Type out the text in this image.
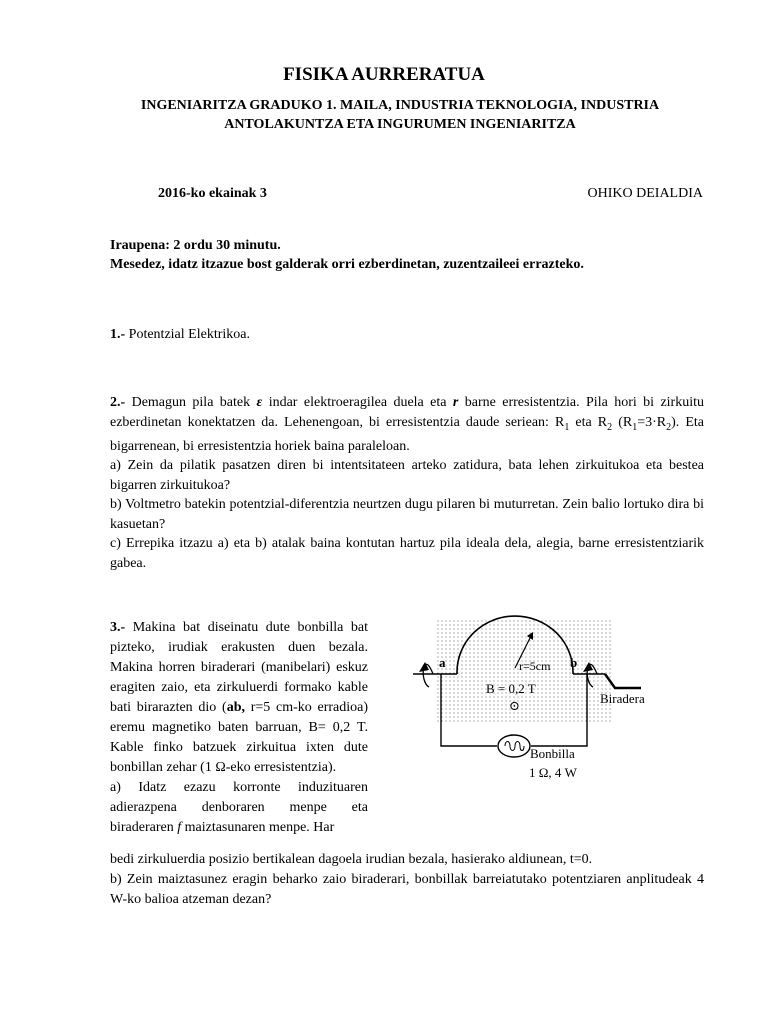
FISIKA AURRERATUA
INGENIARITZA GRADUKO 1. MAILA, INDUSTRIA TEKNOLOGIA, INDUSTRIA
ANTOLAKUNTZA ETA INGURUMEN INGENIARITZA
2016-ko ekainak 3	OHIKO DEIALDIA
Iraupena: 2 ordu 30 minutu.
Mesedez, idatz itzazue bost galderak orri ezberdinetan, zuzentzaileei errazteko.
1.- Potentzial Elektrikoa.

2.- Demagun pila batek ε indar elektroeragilea duela eta r barne erresistentzia. Pila hori bi zirkuitu ezberdinetan konektatzen da. Lehenengoan, bi erresistentzia daude seriean: $R_1$ eta $R_2$ $(R_1=3\cdot R_2)$. Eta bigarrenean, bi erresistentzia horiek baina paraleloan.

a) Zein da pilatik pasatzen diren bi intentsitateen arteko zatidura, bata lehen zirkuitukoa eta bestea bigarren zirkuitukoa?

b) Voltmetro batekin potentzial-diferentzia neurtzen dugu pilaren bi muturretan. Zein balio lortuko dira bi kasuetan?

c) Errepika itzazu a) eta b) atalak baina kontutan hartuz pila ideala dela, alegia, barne erresistentziarik gabea.

3.- Makina bat diseinatu dute bonbilla bat pizteko, irudiak erakusten duen bezala. Makina horren biraderari (manibelari) eskuz eragiten zaio, eta zirkuluerdi formako kable bati birarazten dio (ab, r=5 cm-ko erradioa) eremu magnetiko baten barruan, B= 0,2 T. Kable finko batzuek zirkuitua ixten dute bonbillan zehar (1 Ω-eko erresistentzia).
a) Idatz ezazu korronte induzituaren adierazpena denboraren menpe eta biraderaren f maiztasunaren menpe. Har
bedi zirkuluerdia posizio bertikalean dagoela irudian bezala, hasierako aldiunean, t=0.
b) Zein maiztasunez eragin beharko zaio biraderari, bonbillak barreiatutako potentziaren anplitudeak 4 W-ko balioa atzeman dezan?
a	b
r=5cm
B = 0,2 T
⊙	Biradera
Bonbilla
1 Ω, 4 W
